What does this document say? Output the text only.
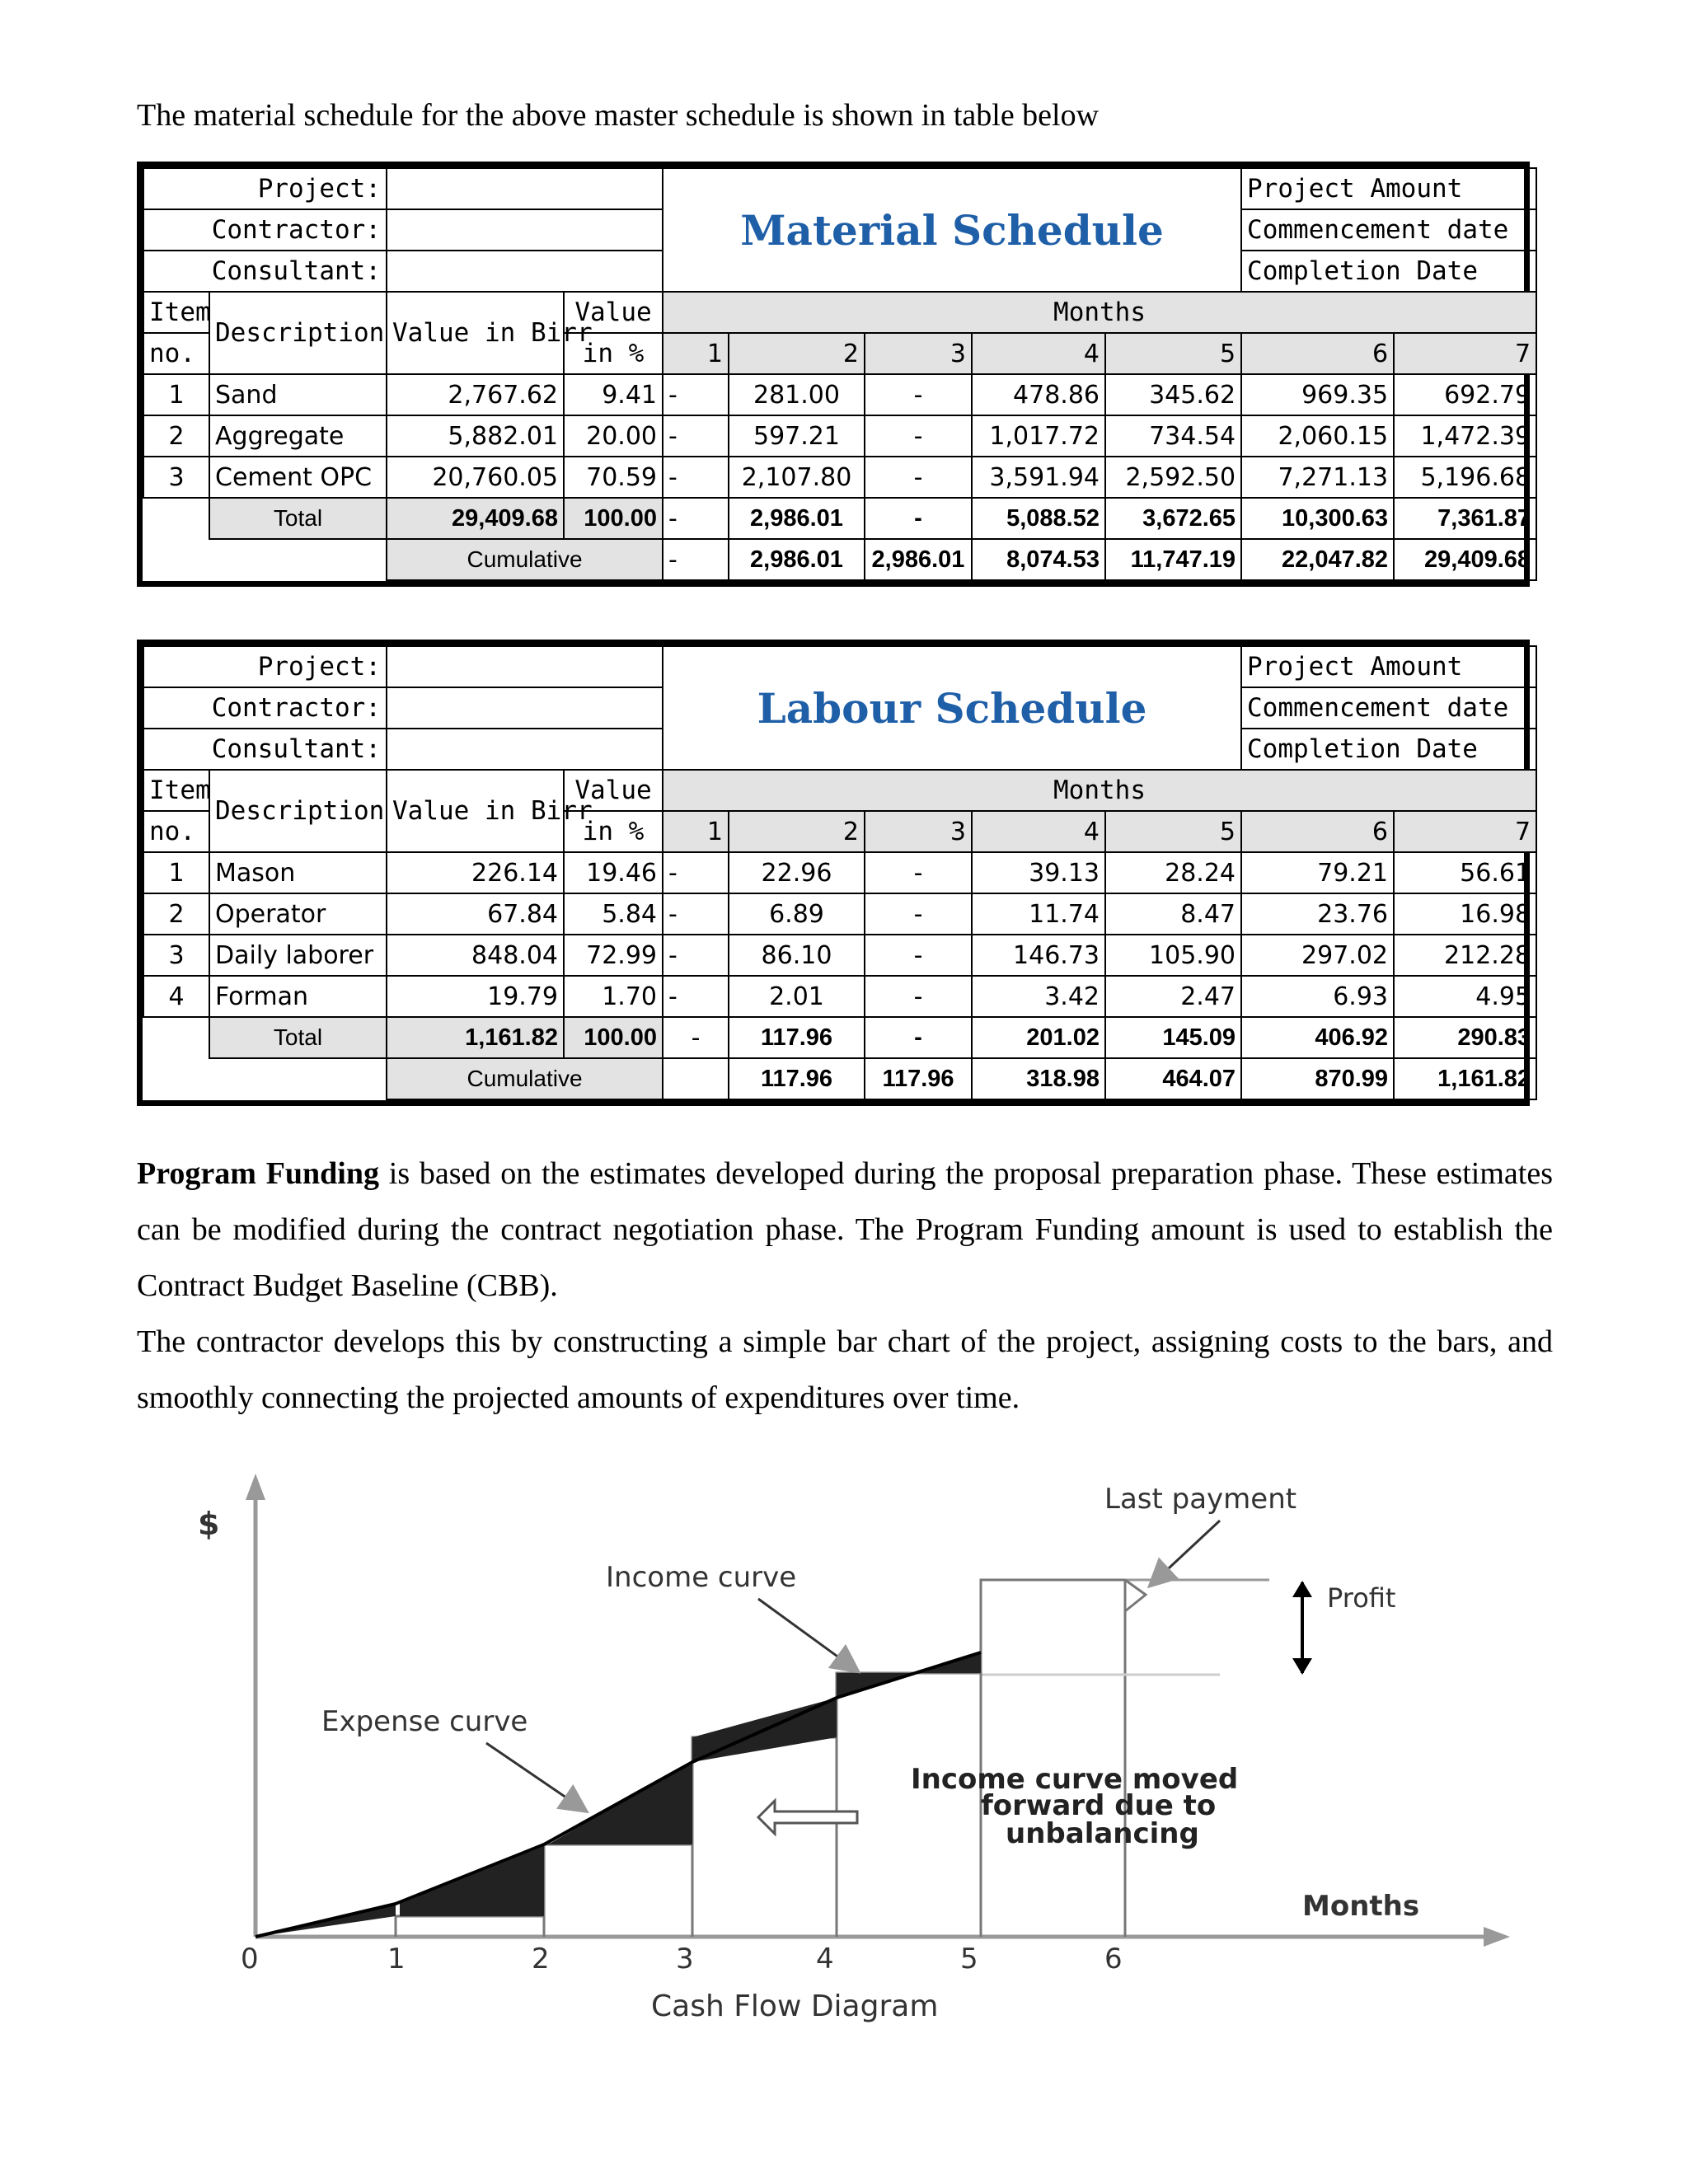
The material schedule for the above master schedule is shown in table below
Project:				Material Schedule					Project Amount	
Contractor:									Commencement date	
Consultant:									Completion Date	
Item	Description	Value in Birr	Value	Months						
no.			in %	1	2	3	4	5	6	7
1	Sand	2,767.62	9.41	-	281.00	-	478.86	345.62	969.35	692.79
2	Aggregate	5,882.01	20.00	-	597.21	-	1,017.72	734.54	2,060.15	1,472.39
3	Cement OPC	20,760.05	70.59	-	2,107.80	-	3,591.94	2,592.50	7,271.13	5,196.68
	Total	29,409.68	100.00	-	2,986.01	-	5,088.52	3,672.65	10,300.63	7,361.87
		Cumulative		-	2,986.01	2,986.01	8,074.53	11,747.19	22,047.82	29,409.68
Project:				Labour Schedule					Project Amount	
Contractor:									Commencement date	
Consultant:									Completion Date	
Item	Description	Value in Birr	Value	Months						
no.			in %	1	2	3	4	5	6	7
1	Mason	226.14	19.46	-	22.96	-	39.13	28.24	79.21	56.61
2	Operator	67.84	5.84	-	6.89	-	11.74	8.47	23.76	16.98
3	Daily laborer	848.04	72.99	-	86.10	-	146.73	105.90	297.02	212.28
4	Forman	19.79	1.70	-	2.01	-	3.42	2.47	6.93	4.95
	Total	1,161.82	100.00	-	117.96	-	201.02	145.09	406.92	290.83
		Cumulative			117.96	117.96	318.98	464.07	870.99	1,161.82

Program Funding is based on the estimates developed during the proposal preparation phase. These estimates can be modified during the contract negotiation phase. The Program Funding amount is used to establish the Contract Budget Baseline (CBB).

The contractor develops this by constructing a simple bar chart of the project, assigning costs to the bars, and smoothly connecting the projected amounts of expenditures over time.

$
Months
0	1	2	3	4	5	6
Last payment
Profit
Income curve
Expense curve
Income curve moved
forward due to
unbalancing
Cash Flow Diagram
